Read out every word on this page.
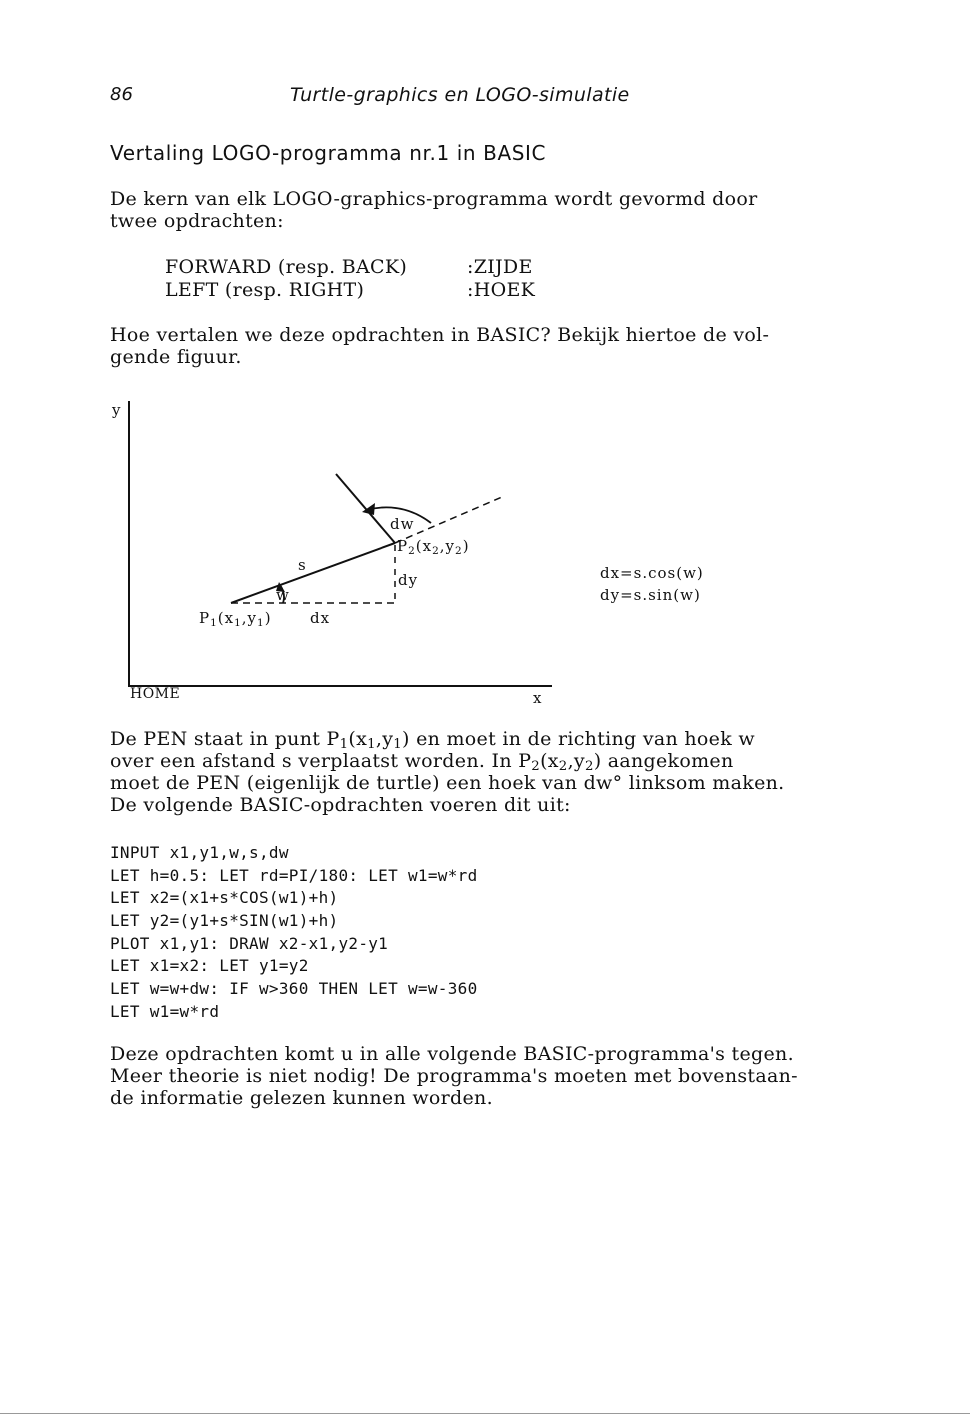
86	Turtle-graphics en LOGO-simulatie
Vertaling LOGO-programma nr.1 in BASIC
De kern van elk LOGO-graphics-programma wordt gevormd door
twee opdrachten:
FORWARD (resp. BACK)	:ZIJDE
LEFT (resp. RIGHT)	:HOEK
Hoe vertalen we deze opdrachten in BASIC? Bekijk hiertoe de vol-
gende figuur.
y
x
HOME
s
w
dw
dy
dx
$P_1(x_1,y_1)$
$P_2(x_2,y_2)$
dx=s.cos(w)
dy=s.sin(w)
De PEN staat in punt $P_1(x_1,y_1)$ en moet in de richting van hoek w
over een afstand s verplaatst worden. In $P_2(x_2,y_2)$ aangekomen
moet de PEN (eigenlijk de turtle) een hoek van dw° linksom maken.
De volgende BASIC-opdrachten voeren dit uit:
INPUT x1,y1,w,s,dw
LET h=0.5: LET rd=PI/180: LET w1=w*rd
LET x2=(x1+s*COS(w1)+h)
LET y2=(y1+s*SIN(w1)+h)
PLOT x1,y1: DRAW x2-x1,y2-y1
LET x1=x2: LET y1=y2
LET w=w+dw: IF w>360 THEN LET w=w-360
LET w1=w*rd
Deze opdrachten komt u in alle volgende BASIC-programma's tegen.
Meer theorie is niet nodig! De programma's moeten met bovenstaan-
de informatie gelezen kunnen worden.
